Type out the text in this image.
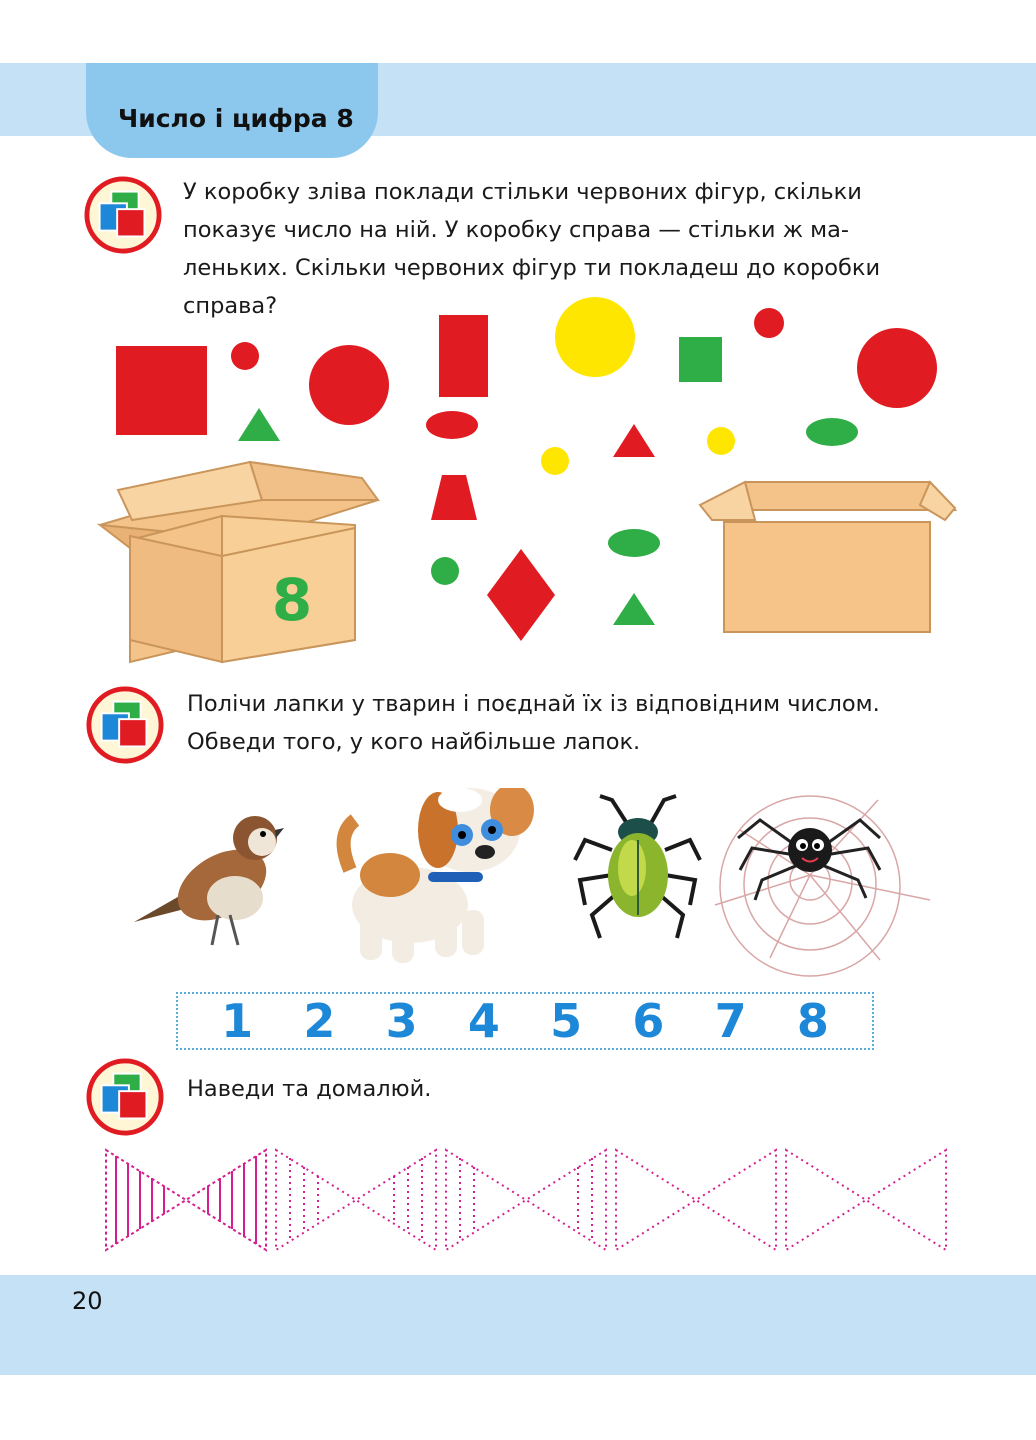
Число і цифра 8
У коробку зліва поклади стільки червоних фігур, скільки
показує число на ній. У коробку справа — стільки ж ма-
леньких. Скільки червоних фігур ти покладеш до коробки
справа?
8
Полічи лапки у тварин і поєднай їх із відповідним числом.
Обведи того, у кого найбільше лапок.
1 2 3 4 5 6 7 8
Наведи та домалюй.
20
